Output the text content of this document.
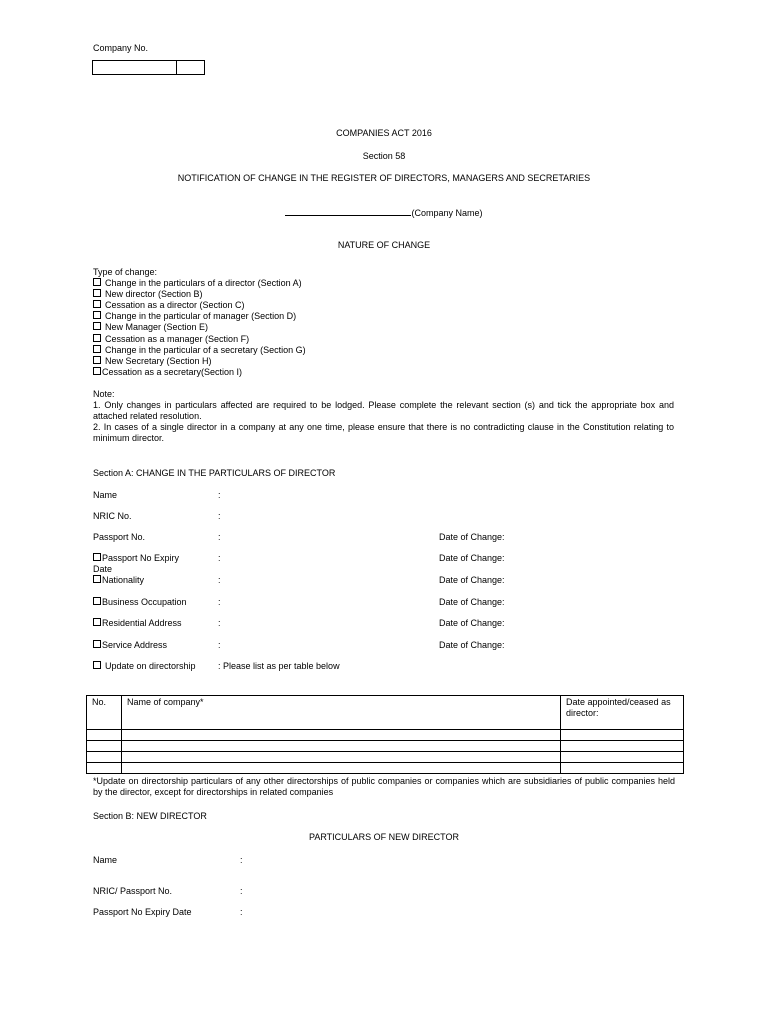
Company No.
COMPANIES ACT 2016
Section 58
NOTIFICATION OF CHANGE IN THE REGISTER OF DIRECTORS, MANAGERS AND SECRETARIES
(Company Name)
NATURE OF CHANGE
Type of change:
Change in the particulars of a director (Section A)
New director (Section B)
Cessation as a director (Section C)
Change in the particular of manager (Section D)
New Manager (Section E)
Cessation as a manager (Section F)
Change in the particular of a secretary (Section G)
New Secretary (Section H)
Cessation as a secretary(Section I)

Note:

1. Only changes in particulars affected are required to be lodged. Please complete the relevant section (s) and tick the appropriate box and attached related resolution.

2. In cases of a single director in a company at any one time, please ensure that there is no contradicting clause in the Constitution relating to minimum director.

Section A: CHANGE IN THE PARTICULARS OF DIRECTOR
Name	:
NRIC No.	:
Passport No.	:	Date of Change:
Passport No Expiry
Date
:	Date of Change:
Nationality	:	Date of Change:
Business Occupation	:	Date of Change:
Residential Address	:	Date of Change:
Service Address	:	Date of Change:
Update on directorship : Please list as per table below
No.	Name of company*	Date appointed/ceased as director:

*Update on directorship particulars of any other directorships of public companies or companies which are subsidiaries of public companies held by the director, except for directorships in related companies
Section B: NEW DIRECTOR
PARTICULARS OF NEW DIRECTOR
Name	:
NRIC/ Passport No.	:
Passport No Expiry Date	:
